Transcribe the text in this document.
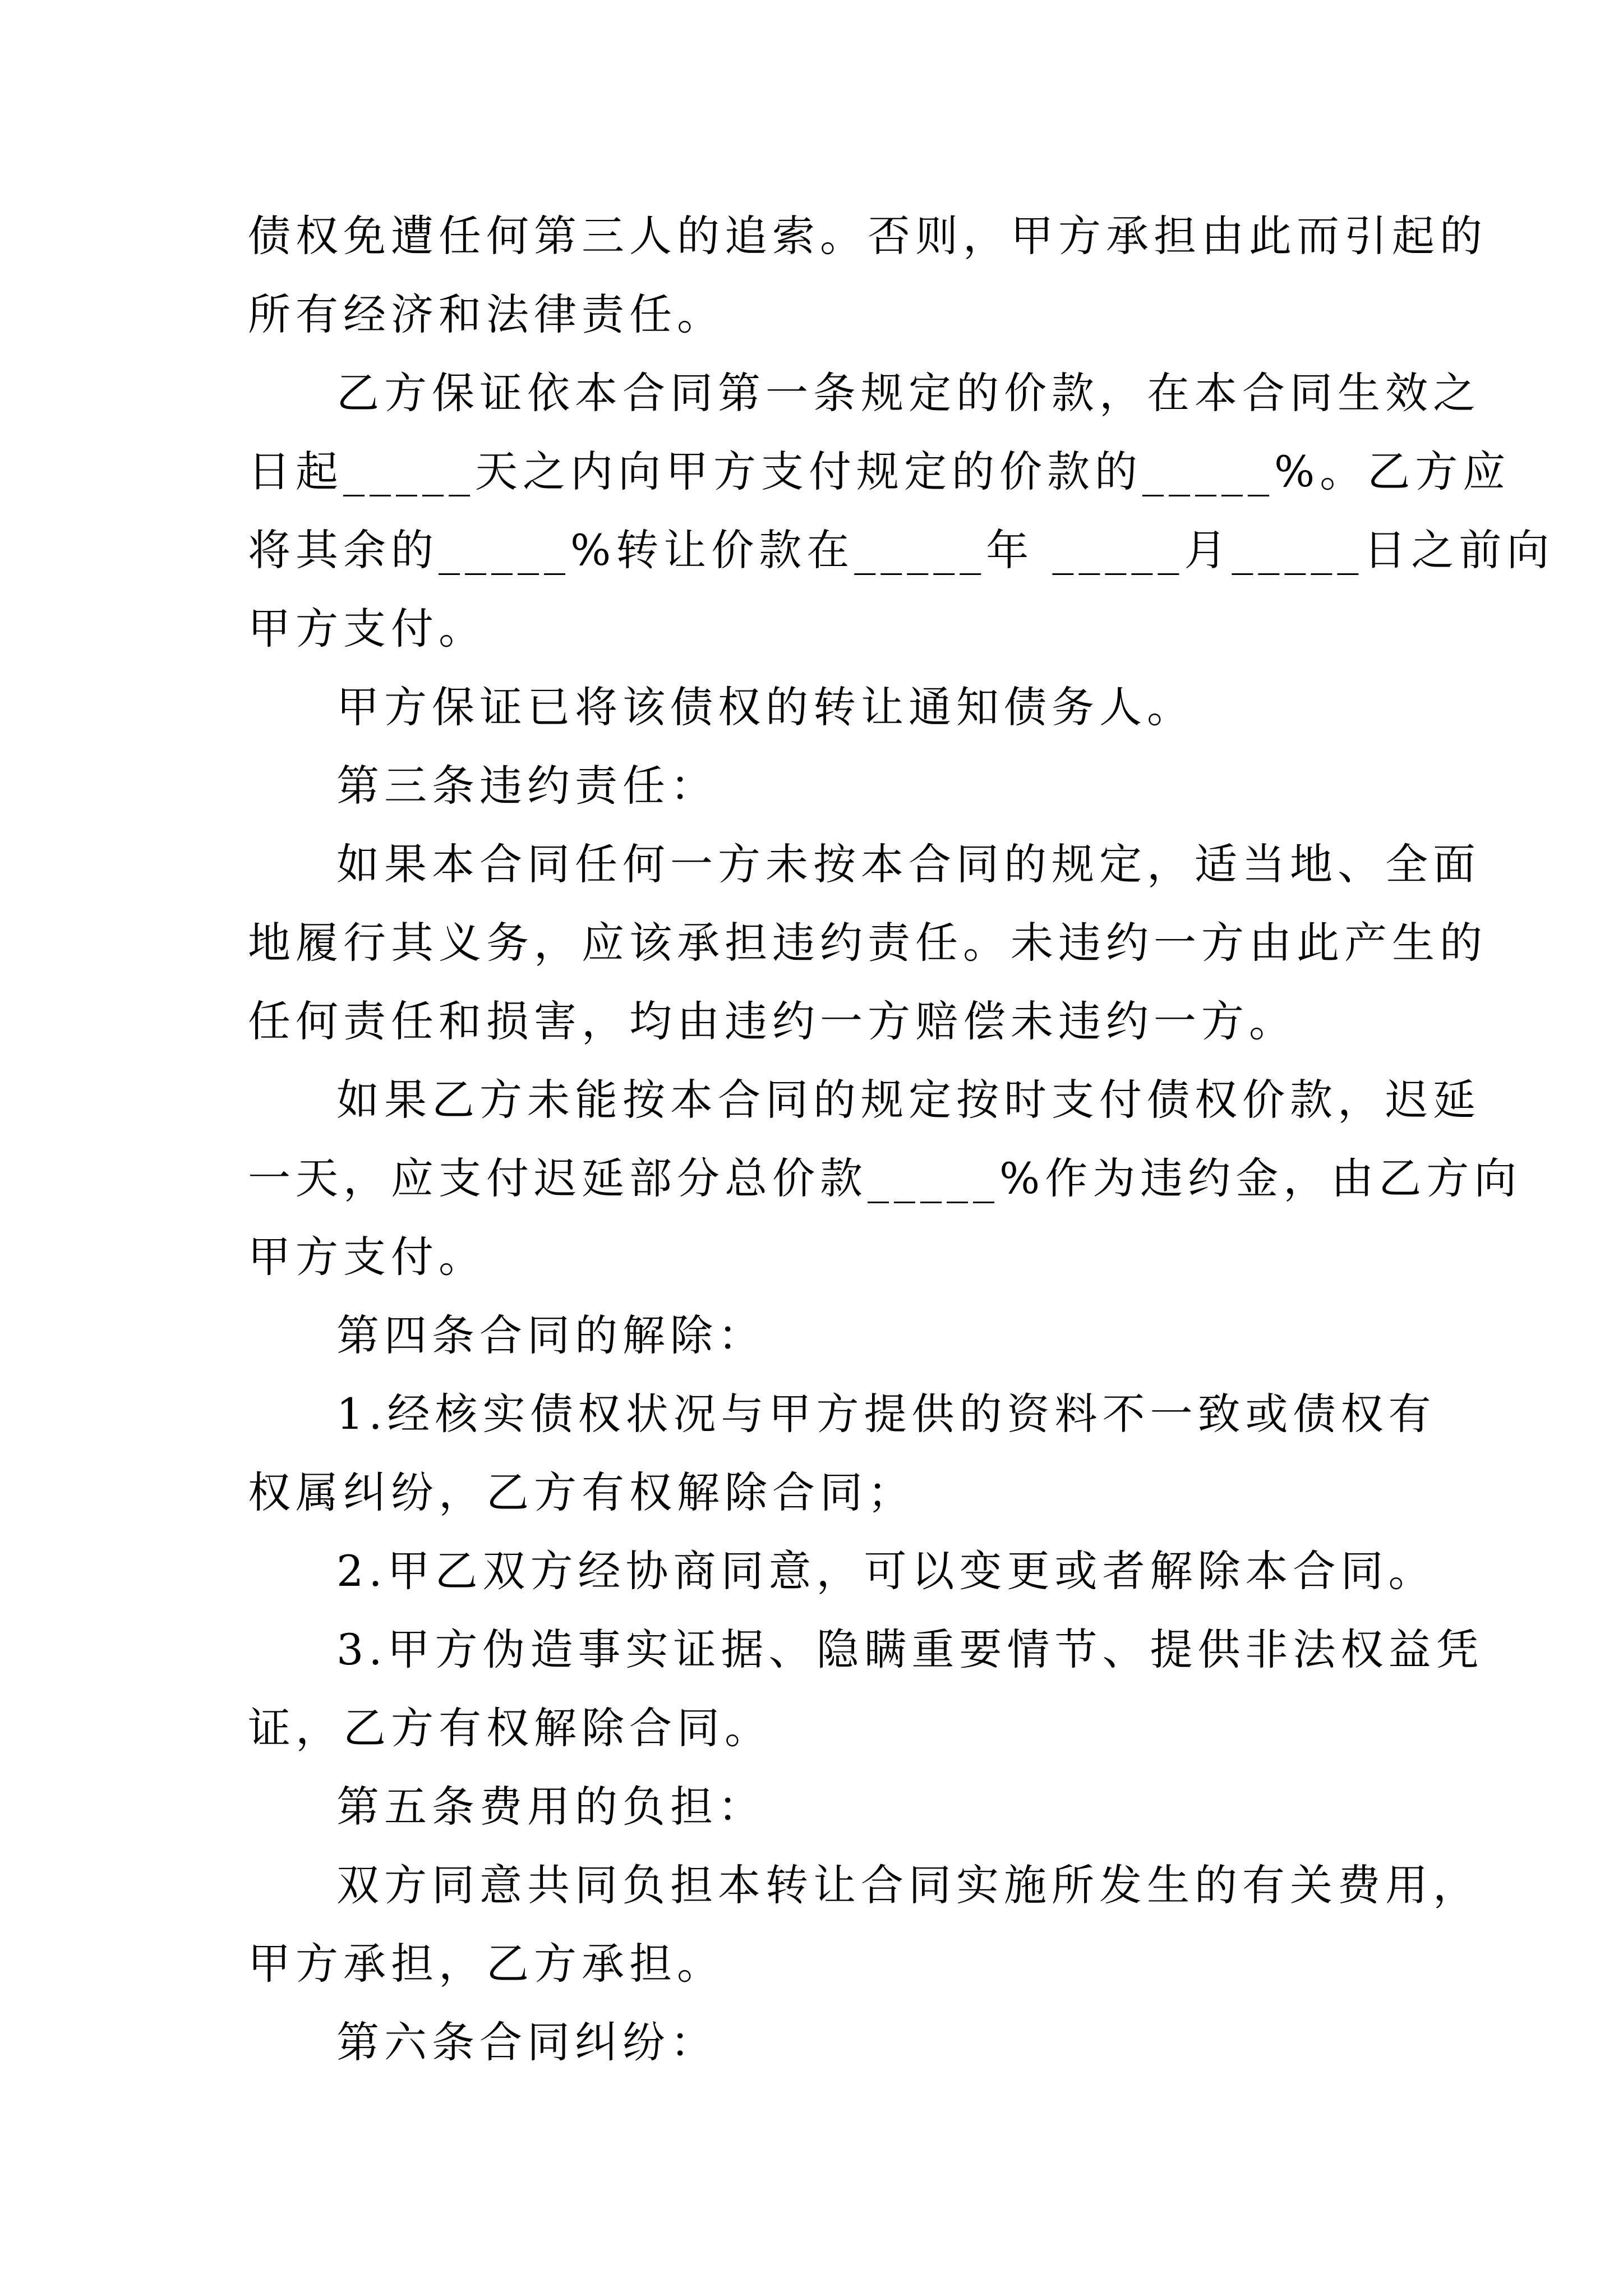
债权免遭任何第三人的追索。否则，甲方承担由此而引起的
所有经济和法律责任。
乙方保证依本合同第一条规定的价款，在本合同生效之
日起_____天之内向甲方支付规定的价款的_____%。乙方应
将其余的_____%转让价款在_____年 _____月_____日之前向
甲方支付。
甲方保证已将该债权的转让通知债务人。
第三条违约责任：
如果本合同任何一方未按本合同的规定，适当地、全面
地履行其义务，应该承担违约责任。未违约一方由此产生的
任何责任和损害，均由违约一方赔偿未违约一方。
如果乙方未能按本合同的规定按时支付债权价款，迟延
一天，应支付迟延部分总价款_____%作为违约金，由乙方向
甲方支付。
第四条合同的解除：
1.经核实债权状况与甲方提供的资料不一致或债权有
权属纠纷，乙方有权解除合同；
2.甲乙双方经协商同意，可以变更或者解除本合同。
3.甲方伪造事实证据、隐瞒重要情节、提供非法权益凭
证，乙方有权解除合同。
第五条费用的负担：
双方同意共同负担本转让合同实施所发生的有关费用，
甲方承担，乙方承担。
第六条合同纠纷：
